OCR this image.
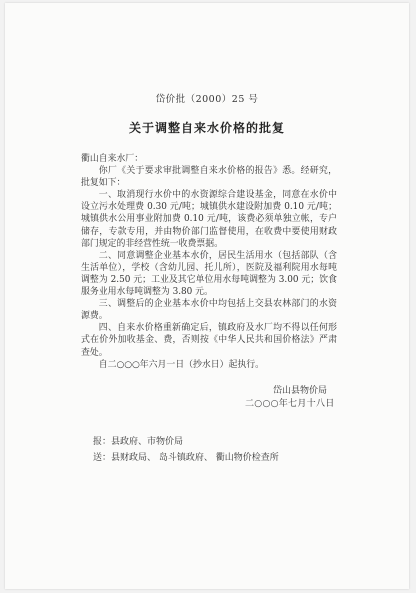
岱价批（2000）25 号
关于调整自来水价格的批复

衢山自来水厂：

你厂《关于要求审批调整自来水价格的报告》悉。经研究，批复如下：

一、取消现行水价中的水资源综合建设基金，同意在水价中设立污水处理费 0.30 元/吨；城镇供水建设附加费 0.10 元/吨；城镇供水公用事业附加费 0.10 元/吨，该费必须单独立帐，专户储存，专款专用，并由物价部门监督使用，在收费中要使用财政部门规定的非经营性统一收费票据。

二、同意调整企业基本水价，居民生活用水（包括部队（含生活单位），学校（含幼儿园、托儿所），医院及福利院用水每吨调整为 2.50 元；工业及其它单位用水每吨调整为 3.00 元；饮食服务业用水每吨调整为 3.80 元。

三、调整后的企业基本水价中均包括上交县农林部门的水资源费。

四、自来水价格重新确定后，镇政府及水厂均不得以任何形式在价外加收基金、费，否则按《中华人民共和国价格法》严肃查处。

自二○○○年六月一日（抄水日）起执行。

岱山县物价局
二○○○年七月十八日
报：县政府、市物价局
送：县财政局、 岛斗镇政府、 衢山物价检查所
